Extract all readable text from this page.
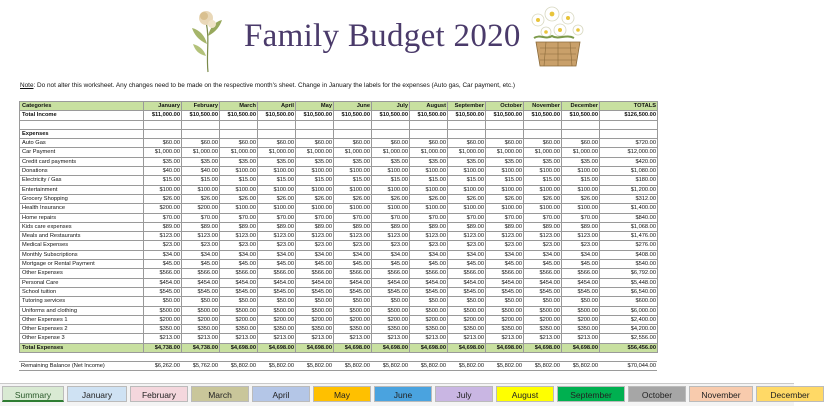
Family Budget 2020
Note: Do not alter this worksheet. Any changes need to be made on the respective month's sheet. Change in January the labels for the expenses (Auto gas, Car payment, etc.)
Categories	January	February	March	April	May	June	July	August	September	October	November	December	TOTALS
Total Income	$11,000.00	$10,500.00	$10,500.00	$10,500.00	$10,500.00	$10,500.00	$10,500.00	$10,500.00	$10,500.00	$10,500.00	$10,500.00	$10,500.00	$126,500.00

Expenses													
Auto Gas	$60.00	$60.00	$60.00	$60.00	$60.00	$60.00	$60.00	$60.00	$60.00	$60.00	$60.00	$60.00	$720.00
Car Payment	$1,000.00	$1,000.00	$1,000.00	$1,000.00	$1,000.00	$1,000.00	$1,000.00	$1,000.00	$1,000.00	$1,000.00	$1,000.00	$1,000.00	$12,000.00
Credit card payments	$35.00	$35.00	$35.00	$35.00	$35.00	$35.00	$35.00	$35.00	$35.00	$35.00	$35.00	$35.00	$420.00
Donations	$40.00	$40.00	$100.00	$100.00	$100.00	$100.00	$100.00	$100.00	$100.00	$100.00	$100.00	$100.00	$1,080.00
Electricity / Gas	$15.00	$15.00	$15.00	$15.00	$15.00	$15.00	$15.00	$15.00	$15.00	$15.00	$15.00	$15.00	$180.00
Entertainment	$100.00	$100.00	$100.00	$100.00	$100.00	$100.00	$100.00	$100.00	$100.00	$100.00	$100.00	$100.00	$1,200.00
Grocery Shopping	$26.00	$26.00	$26.00	$26.00	$26.00	$26.00	$26.00	$26.00	$26.00	$26.00	$26.00	$26.00	$312.00
Health Insurance	$200.00	$200.00	$100.00	$100.00	$100.00	$100.00	$100.00	$100.00	$100.00	$100.00	$100.00	$100.00	$1,400.00
Home repairs	$70.00	$70.00	$70.00	$70.00	$70.00	$70.00	$70.00	$70.00	$70.00	$70.00	$70.00	$70.00	$840.00
Kids care expenses	$89.00	$89.00	$89.00	$89.00	$89.00	$89.00	$89.00	$89.00	$89.00	$89.00	$89.00	$89.00	$1,068.00
Meals and Restaurants	$123.00	$123.00	$123.00	$123.00	$123.00	$123.00	$123.00	$123.00	$123.00	$123.00	$123.00	$123.00	$1,476.00
Medical Expenses	$23.00	$23.00	$23.00	$23.00	$23.00	$23.00	$23.00	$23.00	$23.00	$23.00	$23.00	$23.00	$276.00
Monthly Subscriptions	$34.00	$34.00	$34.00	$34.00	$34.00	$34.00	$34.00	$34.00	$34.00	$34.00	$34.00	$34.00	$408.00
Mortgage or Rental Payment	$45.00	$45.00	$45.00	$45.00	$45.00	$45.00	$45.00	$45.00	$45.00	$45.00	$45.00	$45.00	$540.00
Other Expenses	$566.00	$566.00	$566.00	$566.00	$566.00	$566.00	$566.00	$566.00	$566.00	$566.00	$566.00	$566.00	$6,792.00
Personal Care	$454.00	$454.00	$454.00	$454.00	$454.00	$454.00	$454.00	$454.00	$454.00	$454.00	$454.00	$454.00	$5,448.00
School tuition	$545.00	$545.00	$545.00	$545.00	$545.00	$545.00	$545.00	$545.00	$545.00	$545.00	$545.00	$545.00	$6,540.00
Tutoring services	$50.00	$50.00	$50.00	$50.00	$50.00	$50.00	$50.00	$50.00	$50.00	$50.00	$50.00	$50.00	$600.00
Uniforms and clothing	$500.00	$500.00	$500.00	$500.00	$500.00	$500.00	$500.00	$500.00	$500.00	$500.00	$500.00	$500.00	$6,000.00
Other Expenses 1	$200.00	$200.00	$200.00	$200.00	$200.00	$200.00	$200.00	$200.00	$200.00	$200.00	$200.00	$200.00	$2,400.00
Other Expenses 2	$350.00	$350.00	$350.00	$350.00	$350.00	$350.00	$350.00	$350.00	$350.00	$350.00	$350.00	$350.00	$4,200.00
Other Expense 3	$213.00	$213.00	$213.00	$213.00	$213.00	$213.00	$213.00	$213.00	$213.00	$213.00	$213.00	$213.00	$2,556.00
Total Expenses	$4,738.00	$4,738.00	$4,698.00	$4,698.00	$4,698.00	$4,698.00	$4,698.00	$4,698.00	$4,698.00	$4,698.00	$4,698.00	$4,698.00	$56,456.00
Remaining Balance (Net Income)	$6,262.00	$5,762.00	$5,802.00	$5,802.00	$5,802.00	$5,802.00	$5,802.00	$5,802.00	$5,802.00	$5,802.00	$5,802.00	$5,802.00	$70,044.00
Summary	January	February	March	April	May	June	July	August	September	October	November	December
